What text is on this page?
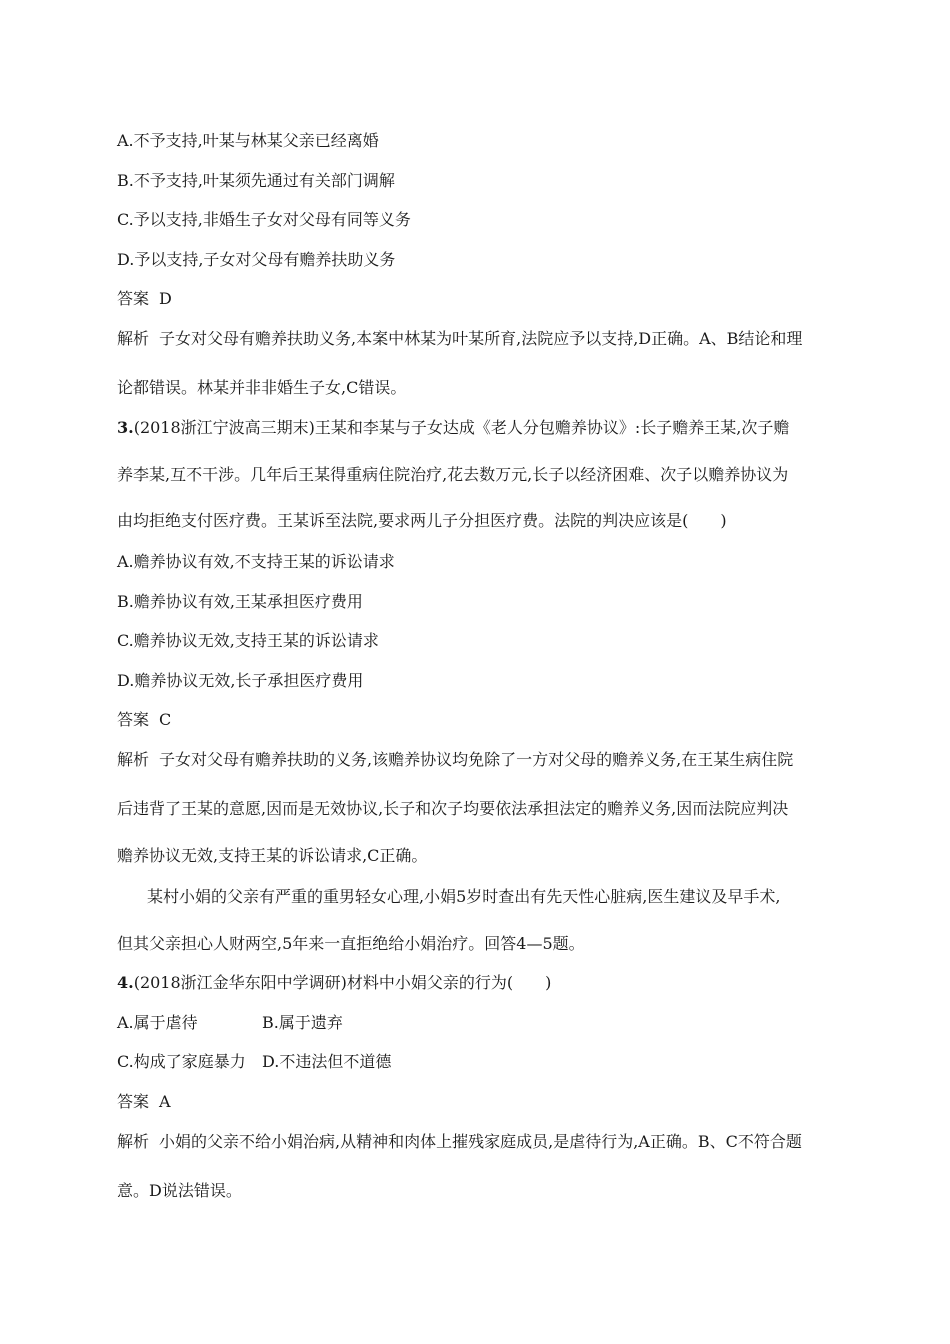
A.不予支持,叶某与林某父亲已经离婚
B.不予支持,叶某须先通过有关部门调解
C.予以支持,非婚生子女对父母有同等义务
D.予以支持,子女对父母有赡养扶助义务
答案 D
解析 子女对父母有赡养扶助义务,本案中林某为叶某所育,法院应予以支持,D正确。A、B结论和理
论都错误。林某并非非婚生子女,C错误。
3.(2018浙江宁波高三期末)王某和李某与子女达成《老人分包赡养协议》:长子赡养王某,次子赡
养李某,互不干涉。几年后王某得重病住院治疗,花去数万元,长子以经济困难、次子以赡养协议为
由均拒绝支付医疗费。王某诉至法院,要求两儿子分担医疗费。法院的判决应该是(　　)
A.赡养协议有效,不支持王某的诉讼请求
B.赡养协议有效,王某承担医疗费用
C.赡养协议无效,支持王某的诉讼请求
D.赡养协议无效,长子承担医疗费用
答案 C
解析 子女对父母有赡养扶助的义务,该赡养协议均免除了一方对父母的赡养义务,在王某生病住院
后违背了王某的意愿,因而是无效协议,长子和次子均要依法承担法定的赡养义务,因而法院应判决
赡养协议无效,支持王某的诉讼请求,C正确。
某村小娟的父亲有严重的重男轻女心理,小娟5岁时查出有先天性心脏病,医生建议及早手术,
但其父亲担心人财两空,5年来一直拒绝给小娟治疗。回答4—5题。
4.(2018浙江金华东阳中学调研)材料中小娟父亲的行为(　　)
A.属于虐待	B.属于遗弃
C.构成了家庭暴力 D.不违法但不道德
答案 A
解析 小娟的父亲不给小娟治病,从精神和肉体上摧残家庭成员,是虐待行为,A正确。B、C不符合题
意。D说法错误。
